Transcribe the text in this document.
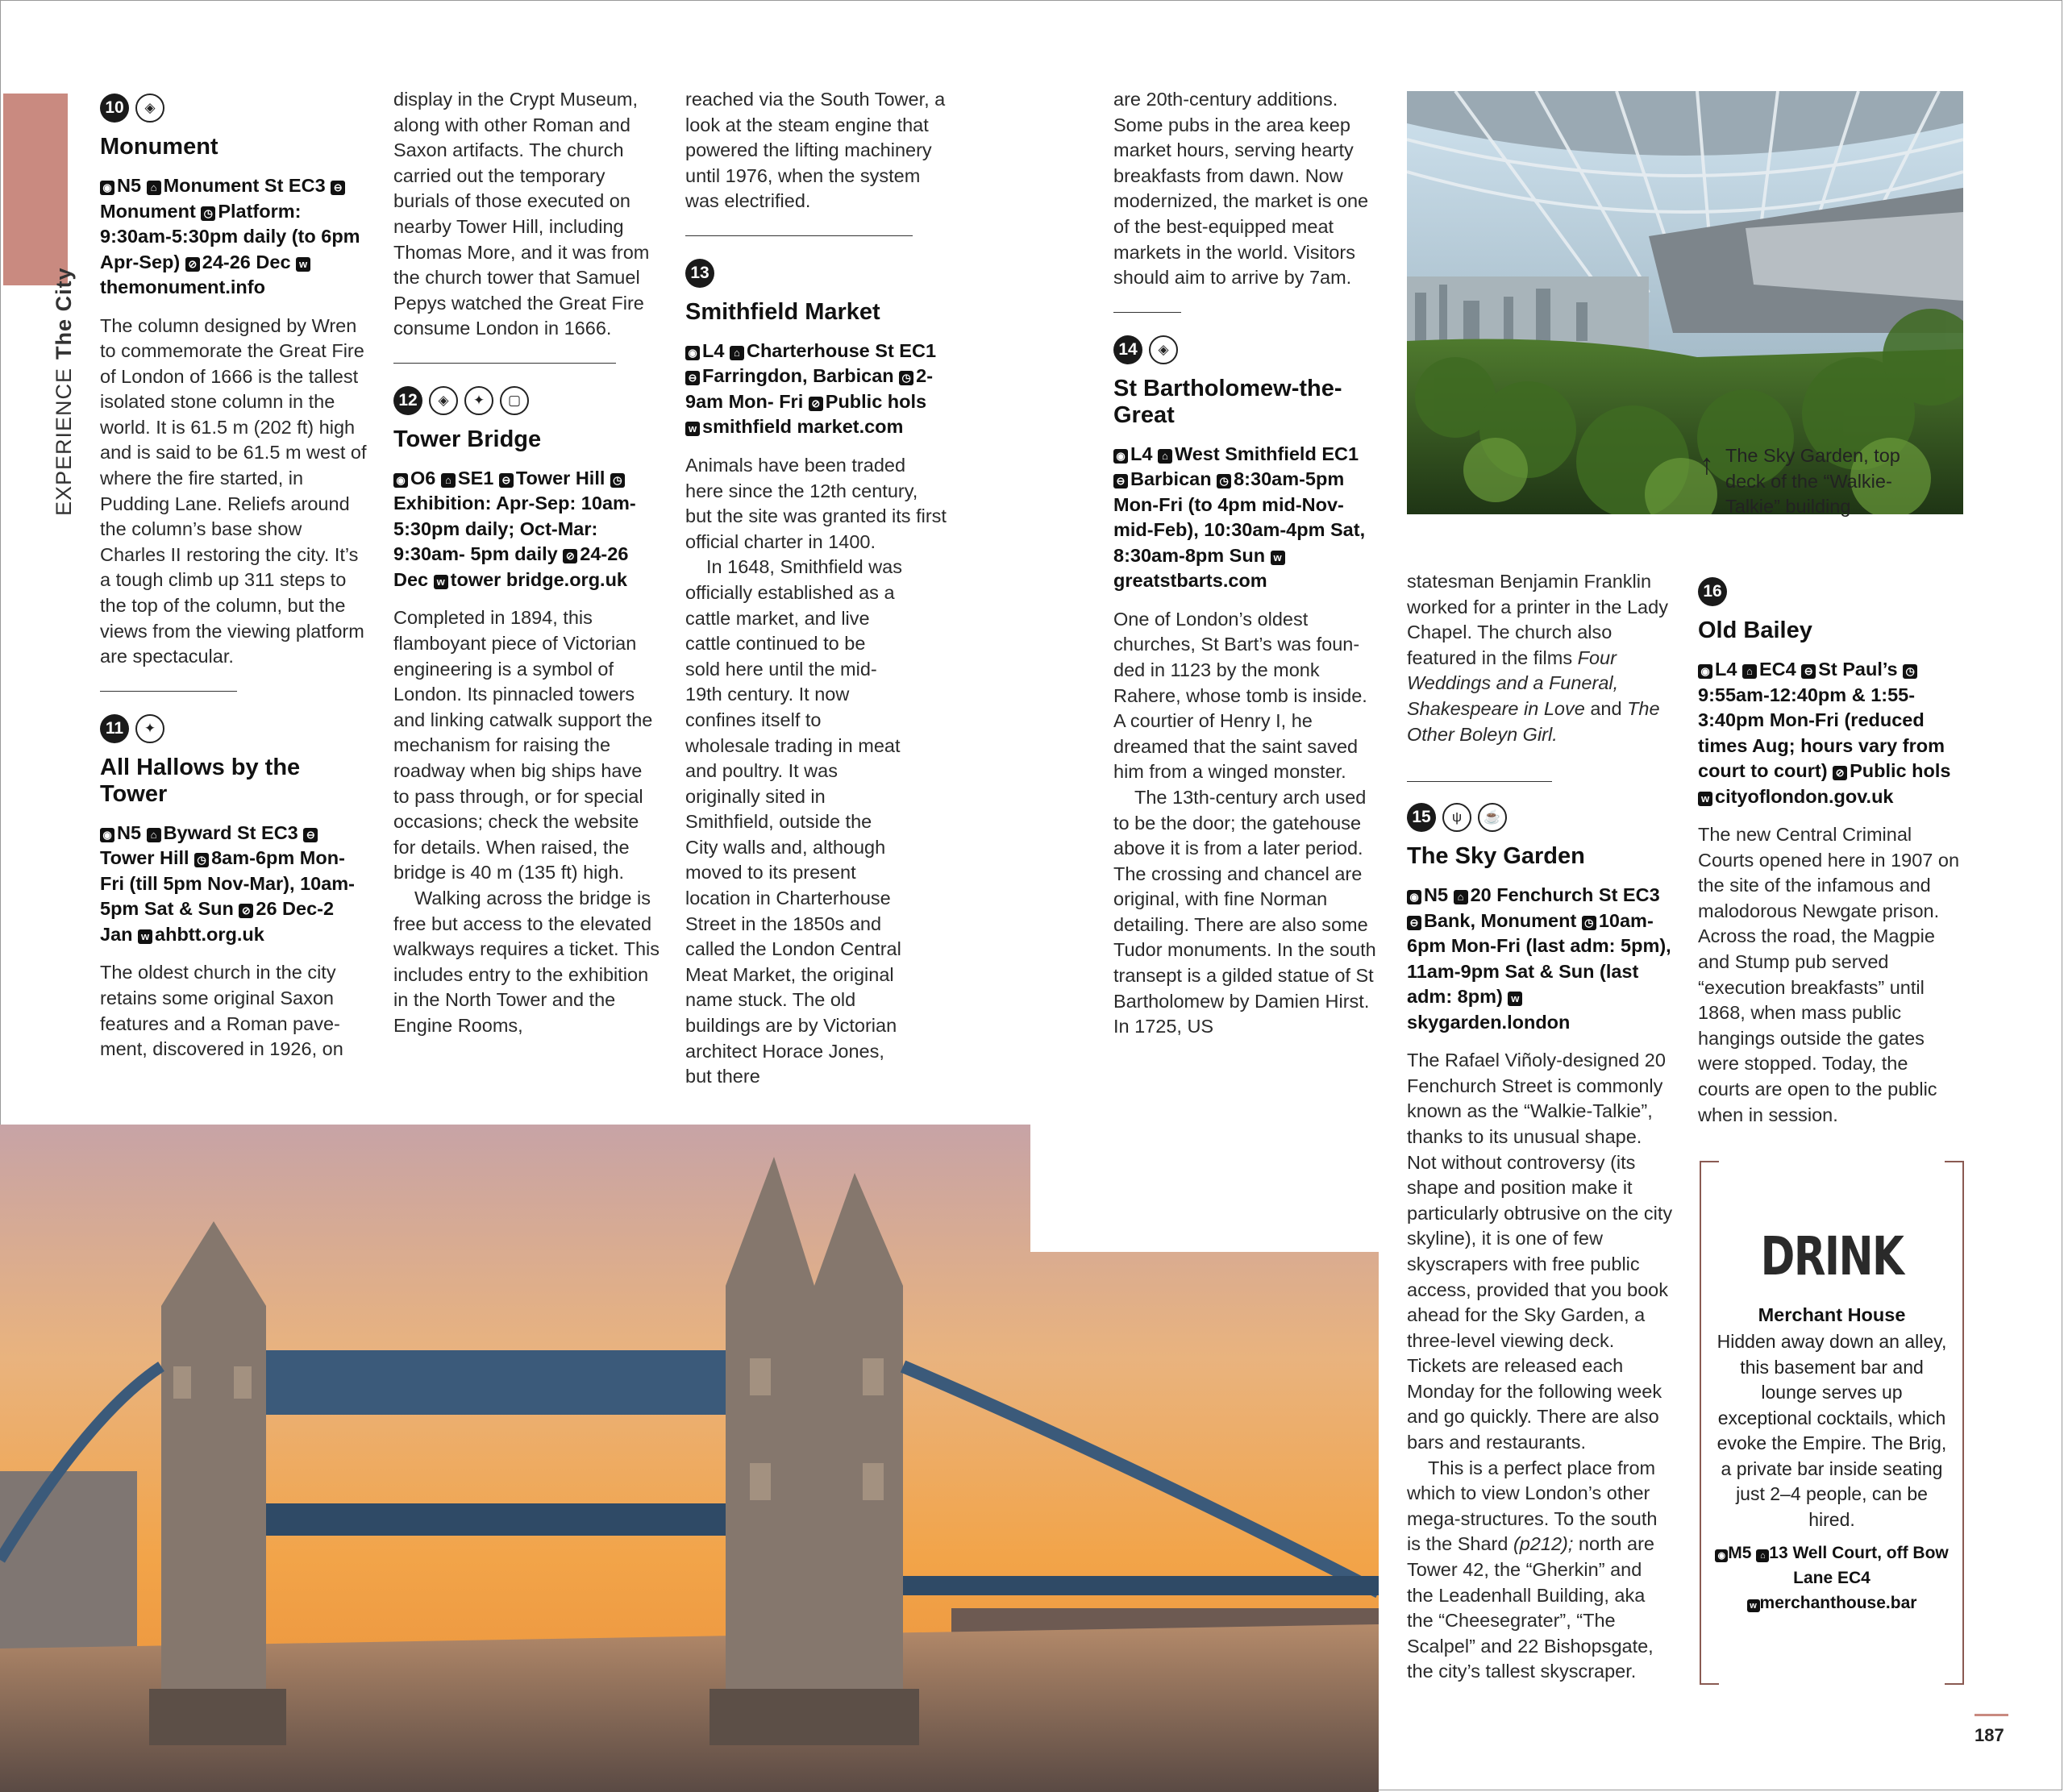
EXPERIENCEThe City
10	◈
Monument
◉ N5 ⌂ Monument St EC3 ⊖Monument ◷ Platform: 9:30am-5:30pm daily (to 6pm Apr-Sep) ⊘ 24-26 Dec wthemonument.info

The column designed by Wren to commemorate the Great Fire of London of 1666 is the tallest isolated stone column in the world. It is 61.5 m (202 ft) high and is said to be 61.5 m west of where the fire started, in Pudding Lane. Reliefs around the column’s base show Charles II restoring the city. It’s a tough climb up 311 steps to the top of the column, but the views from the viewing platform are spectacular.

11	✦
All Hallows by the Tower
◉ N5 ⌂ Byward St EC3 ⊖Tower Hill ◷ 8am-6pm Mon-Fri (till 5pm Nov-Mar), 10am-5pm Sat & Sun ⊘ 26 Dec-2 Jan w ahbtt.org.uk

The oldest church in the city retains some original Saxon features and a Roman pave-ment, discovered in 1926, on

display in the Crypt Museum, along with other Roman and Saxon artifacts. The church carried out the temporary burials of those executed on nearby Tower Hill, including Thomas More, and it was from the church tower that Samuel Pepys watched the Great Fire consume London in 1666.

12	◈	✦	▢
Tower Bridge
◉ O6 ⌂ SE1 ⊖ Tower Hill ◷Exhibition: Apr-Sep: 10am-5:30pm daily; Oct-Mar: 9:30am- 5pm daily ⊘ 24-26 Dec w tower bridge.org.uk

Completed in 1894, this flamboyant piece of Victorian engineering is a symbol of London. Its pinnacled towers and linking catwalk support the mechanism for raising the roadway when big ships have to pass through, or for special occasions; check the website for details. When raised, the bridge is 40 m (135 ft) high.

Walking across the bridge is free but access to the elevated walkways requires a ticket. This includes entry to the exhibition in the North Tower and the Engine Rooms,

reached via the South Tower, a look at the steam engine that powered the lifting machinery until 1976, when the system was electrified.

13
Smithfield Market
◉ L4 ⌂ Charterhouse St EC1 ⊖ Farringdon, Barbican ◷ 2-9am Mon- Fri ⊘ Public hols w smithfield market.com

Animals have been traded here since the 12th century, but the site was granted its first official charter in 1400.

In 1648, Smithfield was officially established as a cattle market, and live cattle continued to be sold here until the mid-19th century. It now confines itself to wholesale trading in meat and poultry. It was originally sited in Smithfield, outside the City walls and, although moved to its present location in Charterhouse Street in the 1850s and called the London Central Meat Market, the original name stuck. The old buildings are by Victorian architect Horace Jones, but there

are 20th-century additions. Some pubs in the area keep market hours, serving hearty breakfasts from dawn. Now modernized, the market is one of the best-equipped meat markets in the world. Visitors should aim to arrive by 7am.

14	◈
St Bartholomew-the-Great
◉ L4 ⌂ West Smithfield EC1 ⊖ Barbican ◷ 8:30am-5pm Mon-Fri (to 4pm mid-Nov-mid-Feb), 10:30am-4pm Sat, 8:30am-8pm Sun wgreatstbarts.com

One of London’s oldest churches, St Bart’s was foun-ded in 1123 by the monk Rahere, whose tomb is inside. A courtier of Henry I, he dreamed that the saint saved him from a winged monster.

The 13th-century arch used to be the door; the gatehouse above it is from a later period. The crossing and chancel are original, with fine Norman detailing. There are also some Tudor monuments. In the south transept is a gilded statue of St Bartholomew by Damien Hirst. In 1725, US

↑ The Sky Garden, top deck of the “Walkie-Talkie” building

statesman Benjamin Franklin worked for a printer in the Lady Chapel. The church also featured in the films Four Weddings and a Funeral, Shakespeare in Love and The Other Boleyn Girl.

15	ψ	☕
The Sky Garden
◉ N5 ⌂ 20 Fenchurch St EC3 ⊖ Bank, Monument ◷ 10am-6pm Mon-Fri (last adm: 5pm), 11am-9pm Sat & Sun (last adm: 8pm) wskygarden.london

The Rafael Viñoly-designed 20 Fenchurch Street is commonly known as the “Walkie-Talkie”, thanks to its unusual shape. Not without controversy (its shape and position make it particularly obtrusive on the city skyline), it is one of few skyscrapers with free public access, provided that you book ahead for the Sky Garden, a three-level viewing deck. Tickets are released each Monday for the following week and go quickly. There are also bars and restaurants.

This is a perfect place from which to view London’s other mega-structures. To the south is the Shard (p212); north are Tower 42, the “Gherkin” and the Leadenhall Building, aka the “Cheesegrater”, “The Scalpel” and 22 Bishopsgate, the city’s tallest skyscraper.

16
Old Bailey
◉ L4 ⌂ EC4 ⊖ St Paul’s ◷9:55am-12:40pm & 1:55-3:40pm Mon-Fri (reduced times Aug; hours vary from court to court) ⊘ Public hols w cityoflondon.gov.uk

The new Central Criminal Courts opened here in 1907 on the site of the infamous and malodorous Newgate prison. Across the road, the Magpie and Stump pub served “execution breakfasts” until 1868, when mass public hangings outside the gates were stopped. Today, the courts are open to the public when in session.

DRINK
Merchant House
Hidden away down an alley, this basement bar and lounge serves up exceptional cocktails, which evoke the Empire. The Brig, a private bar inside seating just 2–4 people, can be hired.
◉ M5 ⌂ 13 Well Court, off Bow Lane EC4
w merchanthouse.bar
187
